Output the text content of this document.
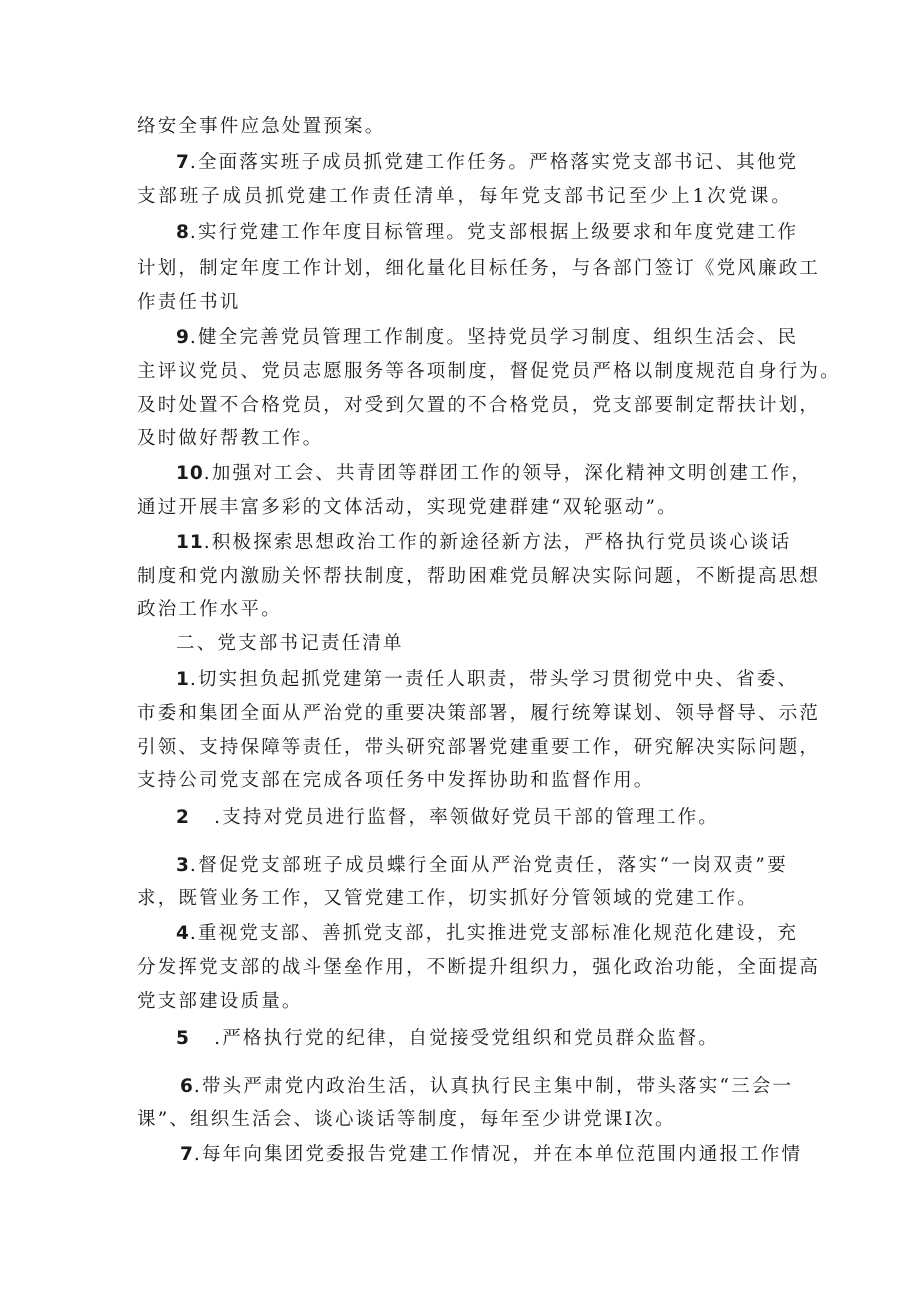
络安全事件应急处置预案。
7.全面落实班子成员抓党建工作任务。严格落实党支部书记、其他党
支部班子成员抓党建工作责任清单，每年党支部书记至少上1次党课。
8.实行党建工作年度目标管理。党支部根据上级要求和年度党建工作
计划，制定年度工作计划，细化量化目标任务，与各部门签订《党风廉政工
作责任书讥
9.健全完善党员管理工作制度。坚持党员学习制度、组织生活会、民
主评议党员、党员志愿服务等各项制度，督促党员严格以制度规范自身行为。
及时处置不合格党员，对受到欠置的不合格党员，党支部要制定帮扶计划，
及时做好帮教工作。
10.加强对工会、共青团等群团工作的领导，深化精神文明创建工作，
通过开展丰富多彩的文体活动，实现党建群建“双轮驱动”。
11.积极探索思想政治工作的新途径新方法，严格执行党员谈心谈话
制度和党内激励关怀帮扶制度，帮助困难党员解决实际问题，不断提高思想
政治工作水平。
二、党支部书记责任清单
1.切实担负起抓党建第一责任人职责，带头学习贯彻党中央、省委、
市委和集团全面从严治党的重要决策部署，履行统筹谋划、领导督导、示范
引领、支持保障等责任，带头研究部署党建重要工作，研究解决实际问题，
支持公司党支部在完成各项任务中发挥协助和监督作用。
2   .支持对党员进行监督，率领做好党员干部的管理工作。
3.督促党支部班子成员蝶行全面从严治党责任，落实“一岗双责”要
求，既管业务工作，又管党建工作，切实抓好分管领域的党建工作。
4.重视党支部、善抓党支部，扎实推进党支部标准化规范化建设，充
分发挥党支部的战斗堡垒作用，不断提升组织力，强化政治功能，全面提高
党支部建设质量。
5   .严格执行党的纪律，自觉接受党组织和党员群众监督。
6.带头严肃党内政治生活，认真执行民主集中制，带头落实“三会一
课”、组织生活会、谈心谈话等制度，每年至少讲党课I次。
7.每年向集团党委报告党建工作情况，并在本单位范围内通报工作情
